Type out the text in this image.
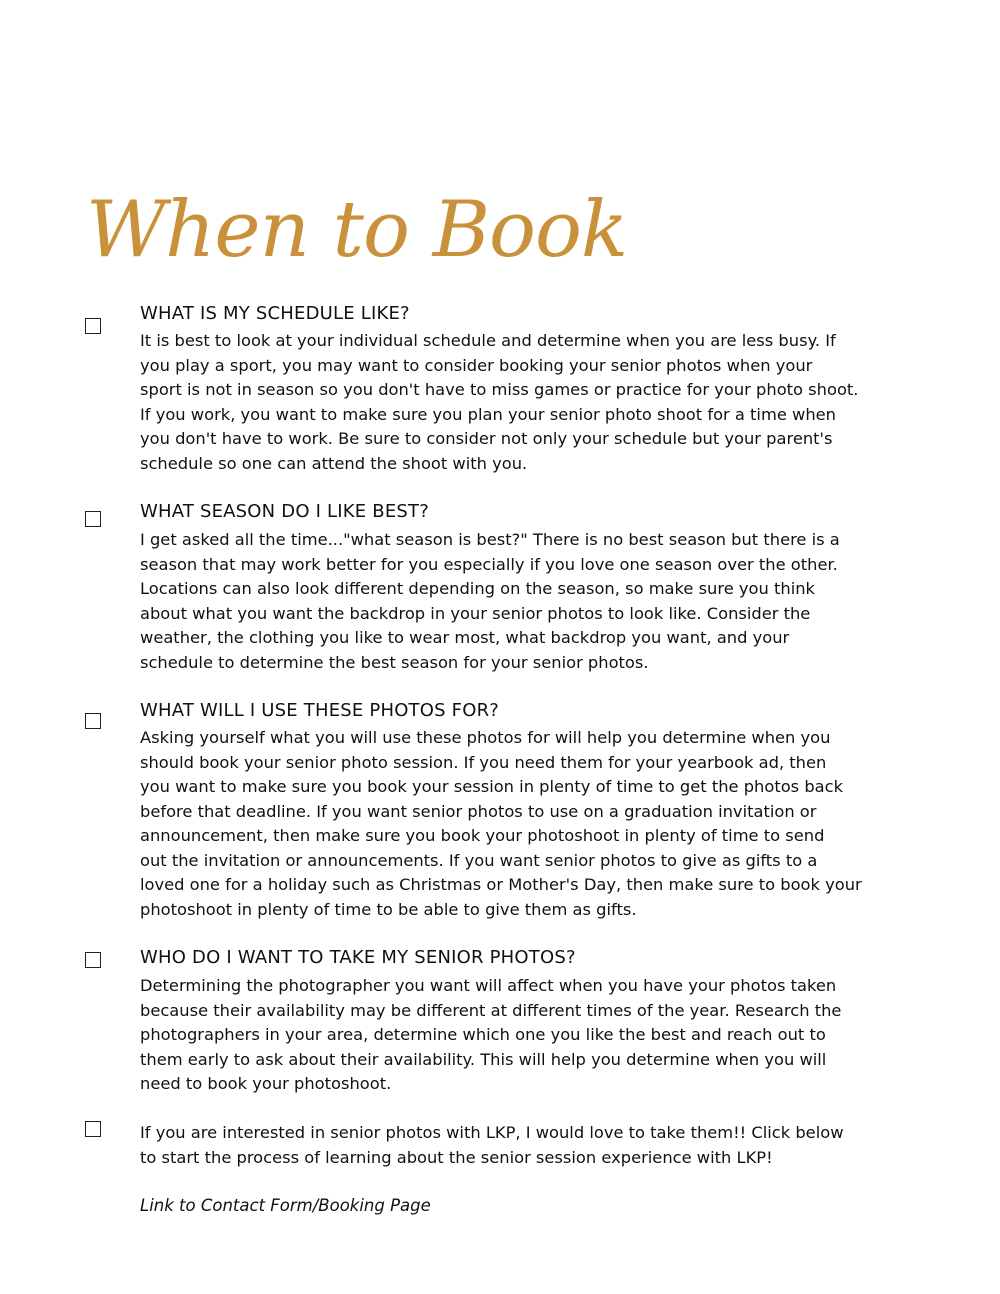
When to Book
WHAT IS MY SCHEDULE LIKE?
It is best to look at your individual schedule and determine when you are less busy. If
you play a sport, you may want to consider booking your senior photos when your
sport is not in season so you don't have to miss games or practice for your photo shoot.
If you work, you want to make sure you plan your senior photo shoot for a time when
you don't have to work. Be sure to consider not only your schedule but your parent's
schedule so one can attend the shoot with you.
WHAT SEASON DO I LIKE BEST?
I get asked all the time..."what season is best?" There is no best season but there is a
season that may work better for you especially if you love one season over the other.
Locations can also look different depending on the season, so make sure you think
about what you want the backdrop in your senior photos to look like. Consider the
weather, the clothing you like to wear most, what backdrop you want, and your
schedule to determine the best season for your senior photos.
WHAT WILL I USE THESE PHOTOS FOR?
Asking yourself what you will use these photos for will help you determine when you
should book your senior photo session. If you need them for your yearbook ad, then
you want to make sure you book your session in plenty of time to get the photos back
before that deadline. If you want senior photos to use on a graduation invitation or
announcement, then make sure you book your photoshoot in plenty of time to send
out the invitation or announcements. If you want senior photos to give as gifts to a
loved one for a holiday such as Christmas or Mother's Day, then make sure to book your
photoshoot in plenty of time to be able to give them as gifts.
WHO DO I WANT TO TAKE MY SENIOR PHOTOS?
Determining the photographer you want will affect when you have your photos taken
because their availability may be different at different times of the year. Research the
photographers in your area, determine which one you like the best and reach out to
them early to ask about their availability. This will help you determine when you will
need to book your photoshoot.
If you are interested in senior photos with LKP, I would love to take them!! Click below
to start the process of learning about the senior session experience with LKP!
Link to Contact Form/Booking Page
